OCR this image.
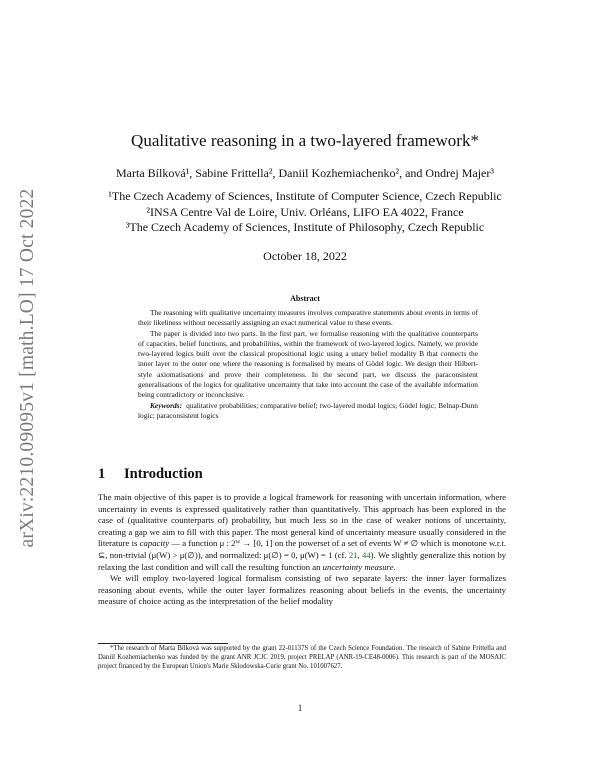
arXiv:2210.09095v1 [math.LO] 17 Oct 2022
Qualitative reasoning in a two-layered framework*
Marta Bílková¹, Sabine Frittella², Daniil Kozhemiachenko², and Ondrej Majer³
¹The Czech Academy of Sciences, Institute of Computer Science, Czech Republic
²INSA Centre Val de Loire, Univ. Orléans, LIFO EA 4022, France
³The Czech Academy of Sciences, Institute of Philosophy, Czech Republic
October 18, 2022
Abstract

The reasoning with qualitative uncertainty measures involves comparative statements about events in terms of their likeliness without necessarily assigning an exact numerical value to these events.

The paper is divided into two parts. In the first part, we formalise reasoning with the qualitative counterparts of capacities, belief functions, and probabilities, within the framework of two-layered logics. Namely, we provide two-layered logics built over the classical propositional logic using a unary belief modality B that connects the inner layer to the outer one where the reasoning is formalised by means of Gödel logic. We design their Hilbert-style axiomatisations and prove their completeness. In the second part, we discuss the paraconsistent generalisations of the logics for qualitative uncertainty that take into account the case of the available information being contradictory or inconclusive.

Keywords: qualitative probabilities; comparative belief; two-layered modal logics; Gödel logic; Belnap-Dunn logic; paraconsistent logics

1 Introduction

The main objective of this paper is to provide a logical framework for reasoning with uncertain information, where uncertainty in events is expressed qualitatively rather than quantitatively. This approach has been explored in the case of (qualitative counterparts of) probability, but much less so in the case of weaker notions of uncertainty, creating a gap we aim to fill with this paper. The most general kind of uncertainty measure usually considered in the literature is capacity — a function μ : 2ᵂ → [0, 1] on the powerset of a set of events W ≠ ∅ which is monotone w.r.t. ⊆, non-trivial (μ(W) > μ(∅)), and normalized: μ(∅) = 0, μ(W) = 1 (cf. 21, 44). We slightly generalize this notion by relaxing the last condition and will call the resulting function an uncertainty measure.

We will employ two-layered logical formalism consisting of two separate layers: the inner layer formalizes reasoning about events, while the outer layer formalizes reasoning about beliefs in the events, the uncertainty measure of choice acting as the interpretation of the belief modality

*The research of Marta Bílková was supported by the grant 22-01137S of the Czech Science Foundation. The research of Sabine Frittella and Daniil Kozhemiachenko was funded by the grant ANR JCJC 2019, project PRELAP (ANR-19-CE48-0006). This research is part of the MOSAIC project financed by the European Union's Marie Skłodowska-Curie grant No. 101007627.

1
